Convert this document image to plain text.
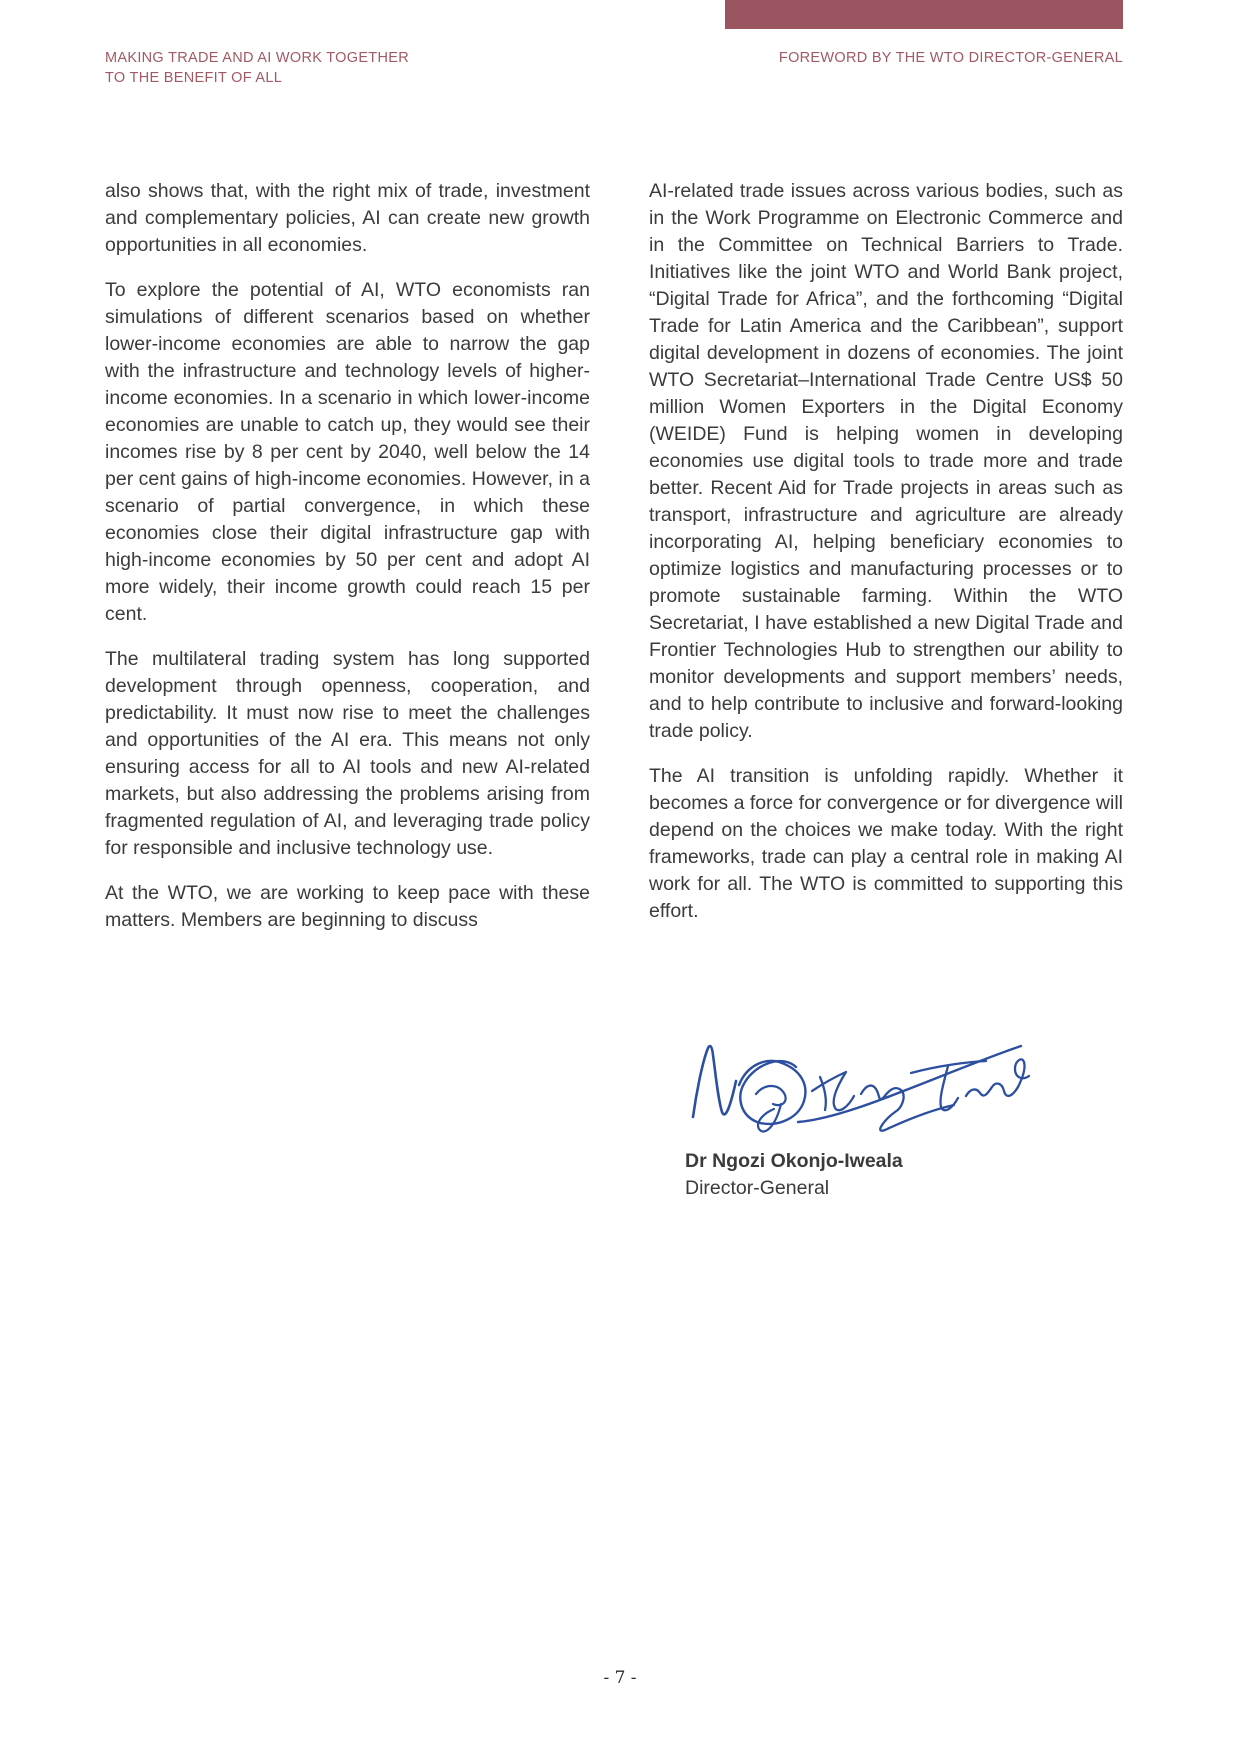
MAKING TRADE AND AI WORK TOGETHER
TO THE BENEFIT OF ALL
FOREWORD BY THE WTO DIRECTOR-GENERAL

also shows that, with the right mix of trade, investment and complementary policies, AI can create new growth opportunities in all economies.

To explore the potential of AI, WTO economists ran simulations of different scenarios based on whether lower-income economies are able to narrow the gap with the infrastructure and technology levels of higher-income economies. In a scenario in which lower-income economies are unable to catch up, they would see their incomes rise by 8 per cent by 2040, well below the 14 per cent gains of high-income economies. However, in a scenario of partial convergence, in which these economies close their digital infrastructure gap with high-income economies by 50 per cent and adopt AI more widely, their income growth could reach 15 per cent.

The multilateral trading system has long supported development through openness, cooperation, and predictability. It must now rise to meet the challenges and opportunities of the AI era. This means not only ensuring access for all to AI tools and new AI-related markets, but also addressing the problems arising from fragmented regulation of AI, and leveraging trade policy for responsible and inclusive technology use.

At the WTO, we are working to keep pace with these matters. Members are beginning to discuss

AI-related trade issues across various bodies, such as in the Work Programme on Electronic Commerce and in the Committee on Technical Barriers to Trade. Initiatives like the joint WTO and World Bank project, “Digital Trade for Africa”, and the forthcoming “Digital Trade for Latin America and the Caribbean”, support digital development in dozens of economies. The joint WTO Secretariat–International Trade Centre US$ 50 million Women Exporters in the Digital Economy (WEIDE) Fund is helping women in developing economies use digital tools to trade more and trade better. Recent Aid for Trade projects in areas such as transport, infrastructure and agriculture are already incorporating AI, helping beneficiary economies to optimize logistics and manufacturing processes or to promote sustainable farming. Within the WTO Secretariat, I have established a new Digital Trade and Frontier Technologies Hub to strengthen our ability to monitor developments and support members’ needs, and to help contribute to inclusive and forward-looking trade policy.

The AI transition is unfolding rapidly. Whether it becomes a force for convergence or for divergence will depend on the choices we make today. With the right frameworks, trade can play a central role in making AI work for all. The WTO is committed to supporting this effort.

Dr Ngozi Okonjo-Iweala
Director-General
- 7 -
